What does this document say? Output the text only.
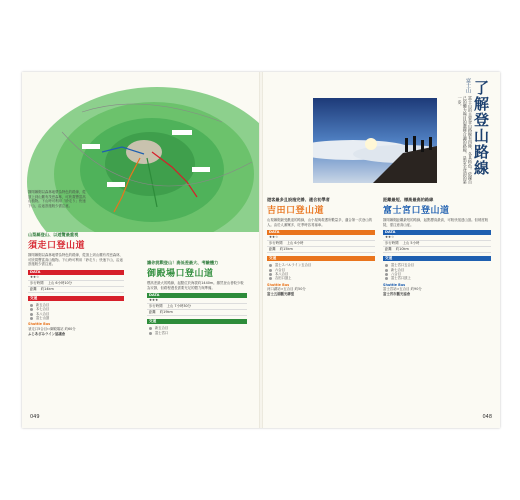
靜岡縣側以森林地帶為特色的路線，從頂上到山麓有茂密森林，可欣賞豐富高山植物。下山時可利用「砂走り」快速下山，沿途設施較少需注意。
山梨縣登山、以遊覽最重視
須走口登山道
靜岡縣側以森林地帶為特色的路線，從頂上到山麓有茂密森林，可欣賞豐富高山植物。下山時可利用「砂走り」快速下山，沿途設施較少需注意。
DATA
★★☆
步行時間	上山 6小時10分
距離	約14km
交通
新五合目
本七合目
本八合目
富士山頂
Shuttle Bus
須走口5合目⇔御殿場站 約60分
ふじあざみライン協議會
讓你挑戰登山！高低差最大、考驗體力
御殿場口登山道
標高差最大的路線，起點位於海拔約1440m。雖然登山者較少較為安靜，但路程漫長需要充足的體力與準備。
DATA
★★★
步行時間	上山 7小時30分
距離	約19km
交通
新五合目
富士宮口
049
富士山的主要登山路線有四條，各具特色。依據自己的體力與目的選擇合適的路線，是安全登頂的第一步。
富士山 了解登山路線
遊客最多且設施完善、適合初學者
吉田口登山道
山梨縣側最受歡迎的路線，山小屋與救護所數量多，適合第一次登山的人。由於人潮眾多，旺季時容易塞車。
DATA
★★☆
步行時間	上山 6小時
距離	約15km
交通
富士スバルライン五合目
六合目
本八合目
吉田口頂上
Shuttle Bus
河口湖站⇔五合目 約50分
富士五湖觀光聯盟
距離最短、標高最高的路線
富士宮口登山道
靜岡縣側距離最短的路線，起點標高最高，可較快抵達山頂。但坡度較陡，需注意高山症。
DATA
★★☆
步行時間	上山 5小時
距離	約10km
交通
富士宮口五合目
新七合目
八合目
富士宮口頂上
Shuttle Bus
富士宮站⇔五合目 約90分
富士宮市觀光協會
048
